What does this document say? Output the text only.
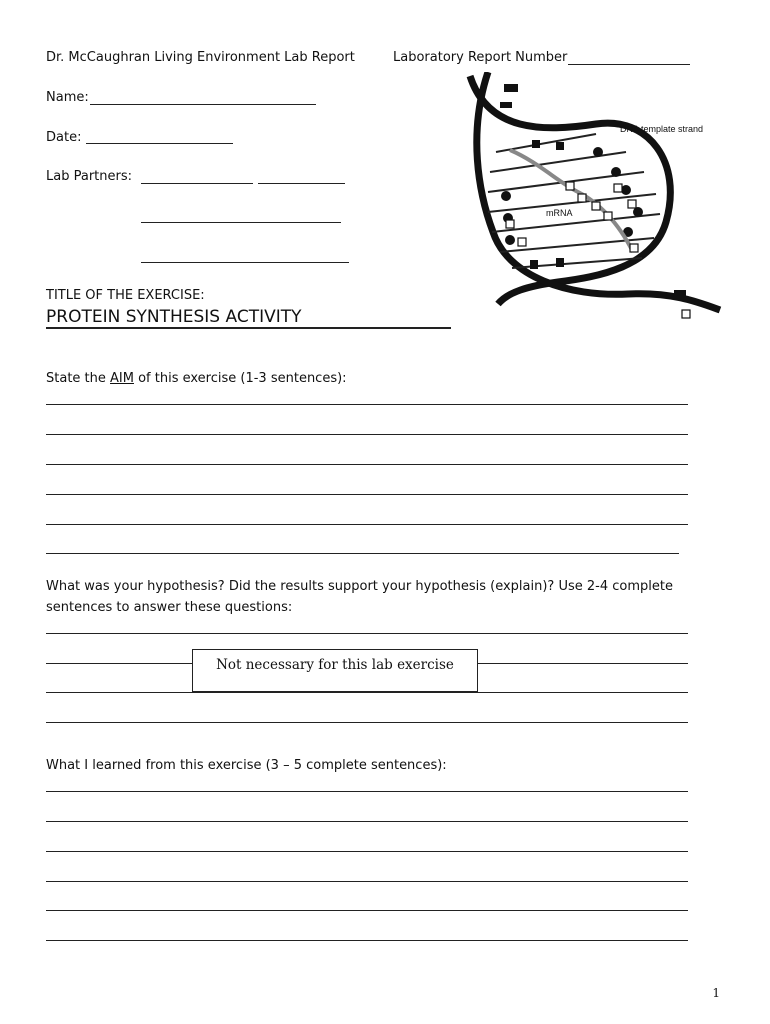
Dr. McCaughran Living Environment Lab Report	Laboratory Report Number
Name:
Date:
Lab Partners:
TITLE OF THE EXERCISE:
PROTEIN SYNTHESIS ACTIVITY
DNA template strand
mRNA
State the AIM of this exercise (1-3 sentences):
What was your hypothesis? Did the results support your hypothesis (explain)? Use 2-4 complete
sentences to answer these questions:
Not necessary for this lab exercise
What I learned from this exercise (3 – 5 complete sentences):
1
